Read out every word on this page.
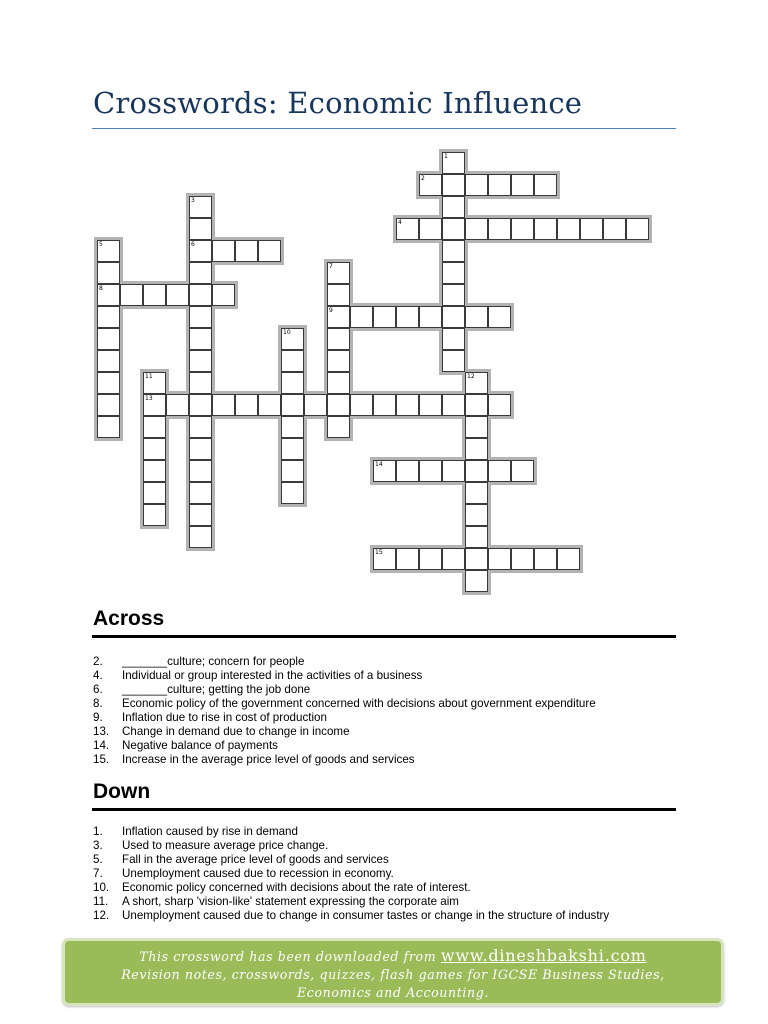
Crosswords: Economic Influence
2
4
6
8
9
13
14
15
1
3
5
7
10
11	12
Across
2. _______culture; concern for people
4. Individual or group interested in the activities of a business
6. _______culture; getting the job done
8. Economic policy of the government concerned with decisions about government expenditure
9. Inflation due to rise in cost of production
13. Change in demand due to change in income
14. Negative balance of payments
15. Increase in the average price level of goods and services
Down
1. Inflation caused by rise in demand
3. Used to measure average price change.
5. Fall in the average price level of goods and services
7. Unemployment caused due to recession in economy.
10. Economic policy concerned with decisions about the rate of interest.
11. A short, sharp 'vision-like' statement expressing the corporate aim
12. Unemployment caused due to change in consumer tastes or change in the structure of industry
This crossword has been downloaded from www.dineshbakshi.com
Revision notes, crosswords, quizzes, flash games for IGCSE Business Studies,
Economics and Accounting.
